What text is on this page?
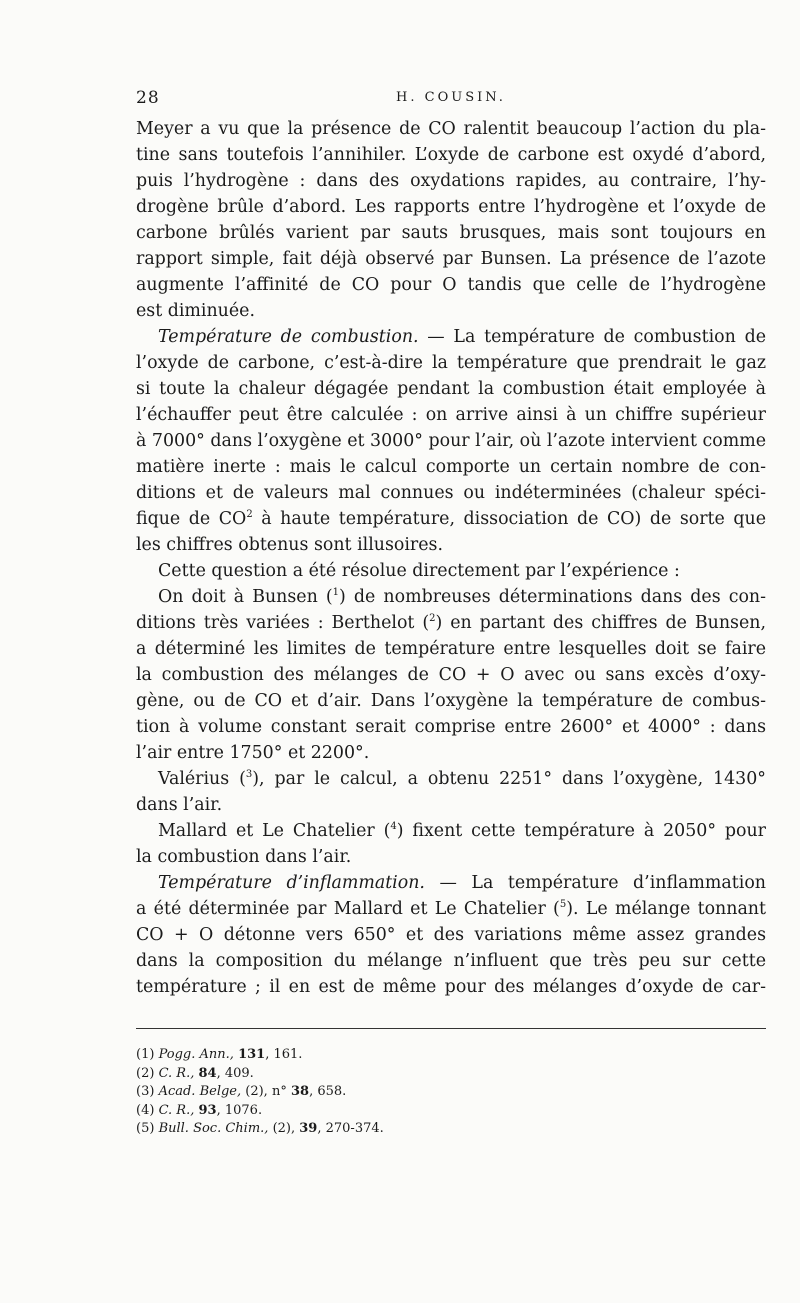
28	H. COUSIN.
Meyer a vu que la présence de CO ralentit beaucoup l’action du pla-
tine sans toutefois l’annihiler. L’oxyde de carbone est oxydé d’abord,
puis l’hydrogène : dans des oxydations rapides, au contraire, l’hy-
drogène brûle d’abord. Les rapports entre l’hydrogène et l’oxyde de
carbone brûlés varient par sauts brusques, mais sont toujours en
rapport simple, fait déjà observé par Bunsen. La présence de l’azote
augmente l’affinité de CO pour O tandis que celle de l’hydrogène
est diminuée.
Température de combustion. — La température de combustion de
l’oxyde de carbone, c’est-à-dire la température que prendrait le gaz
si toute la chaleur dégagée pendant la combustion était employée à
l’échauffer peut être calculée : on arrive ainsi à un chiffre supérieur
à 7000° dans l’oxygène et 3000° pour l’air, où l’azote intervient comme
matière inerte : mais le calcul comporte un certain nombre de con-
ditions et de valeurs mal connues ou indéterminées (chaleur spéci-
fique de $CO^2$ à haute température, dissociation de CO) de sorte que
les chiffres obtenus sont illusoires.
Cette question a été résolue directement par l’expérience :
On doit à Bunsen ($^1$) de nombreuses déterminations dans des con-
ditions très variées : Berthelot ($^2$) en partant des chiffres de Bunsen,
a déterminé les limites de température entre lesquelles doit se faire
la combustion des mélanges de CO + O avec ou sans excès d’oxy-
gène, ou de CO et d’air. Dans l’oxygène la température de combus-
tion à volume constant serait comprise entre 2600° et 4000° : dans
l’air entre 1750° et 2200°.
Valérius ($^3$), par le calcul, a obtenu 2251° dans l’oxygène, 1430°
dans l’air.
Mallard et Le Chatelier ($^4$) fixent cette température à 2050° pour
la combustion dans l’air.
Température d’inflammation. — La température d’inflammation
a été déterminée par Mallard et Le Chatelier ($^5$). Le mélange tonnant
CO + O détonne vers 650° et des variations même assez grandes
dans la composition du mélange n’influent que très peu sur cette
température ; il en est de même pour des mélanges d’oxyde de car-
(1) Pogg. Ann., 131, 161.
(2) C. R., 84, 409.
(3) Acad. Belge, (2), n° 38, 658.
(4) C. R., 93, 1076.
(5) Bull. Soc. Chim., (2), 39, 270-374.
